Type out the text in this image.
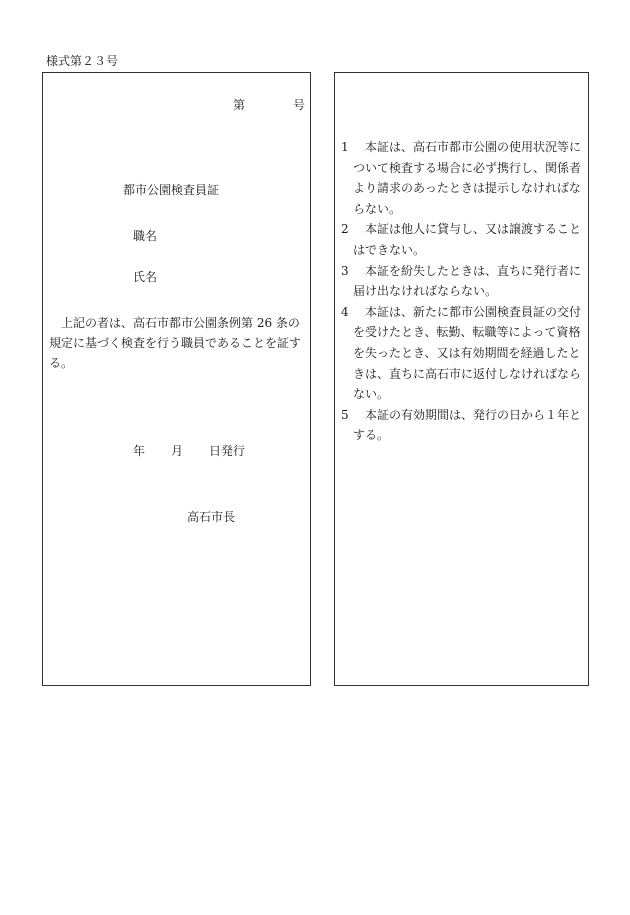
様式第２３号
第	号
都市公園検査員証
職名
氏名

上記の者は、高石市都市公園条例第 26 条の規定に基づく検査を行う職員であることを証する。

年 月 日発行
高石市長
1	本証は、高石市都市公園の使用状況等について検査する場合に必ず携行し、関係者より請求のあったときは提示しなければならない。
2	本証は他人に貸与し、又は譲渡することはできない。
3	本証を紛失したときは、直ちに発行者に届け出なければならない。
4	本証は、新たに都市公園検査員証の交付を受けたとき、転勤、転職等によって資格を失ったとき、又は有効期間を経過したときは、直ちに高石市に返付しなければならない。
5	本証の有効期間は、発行の日から１年とする。
